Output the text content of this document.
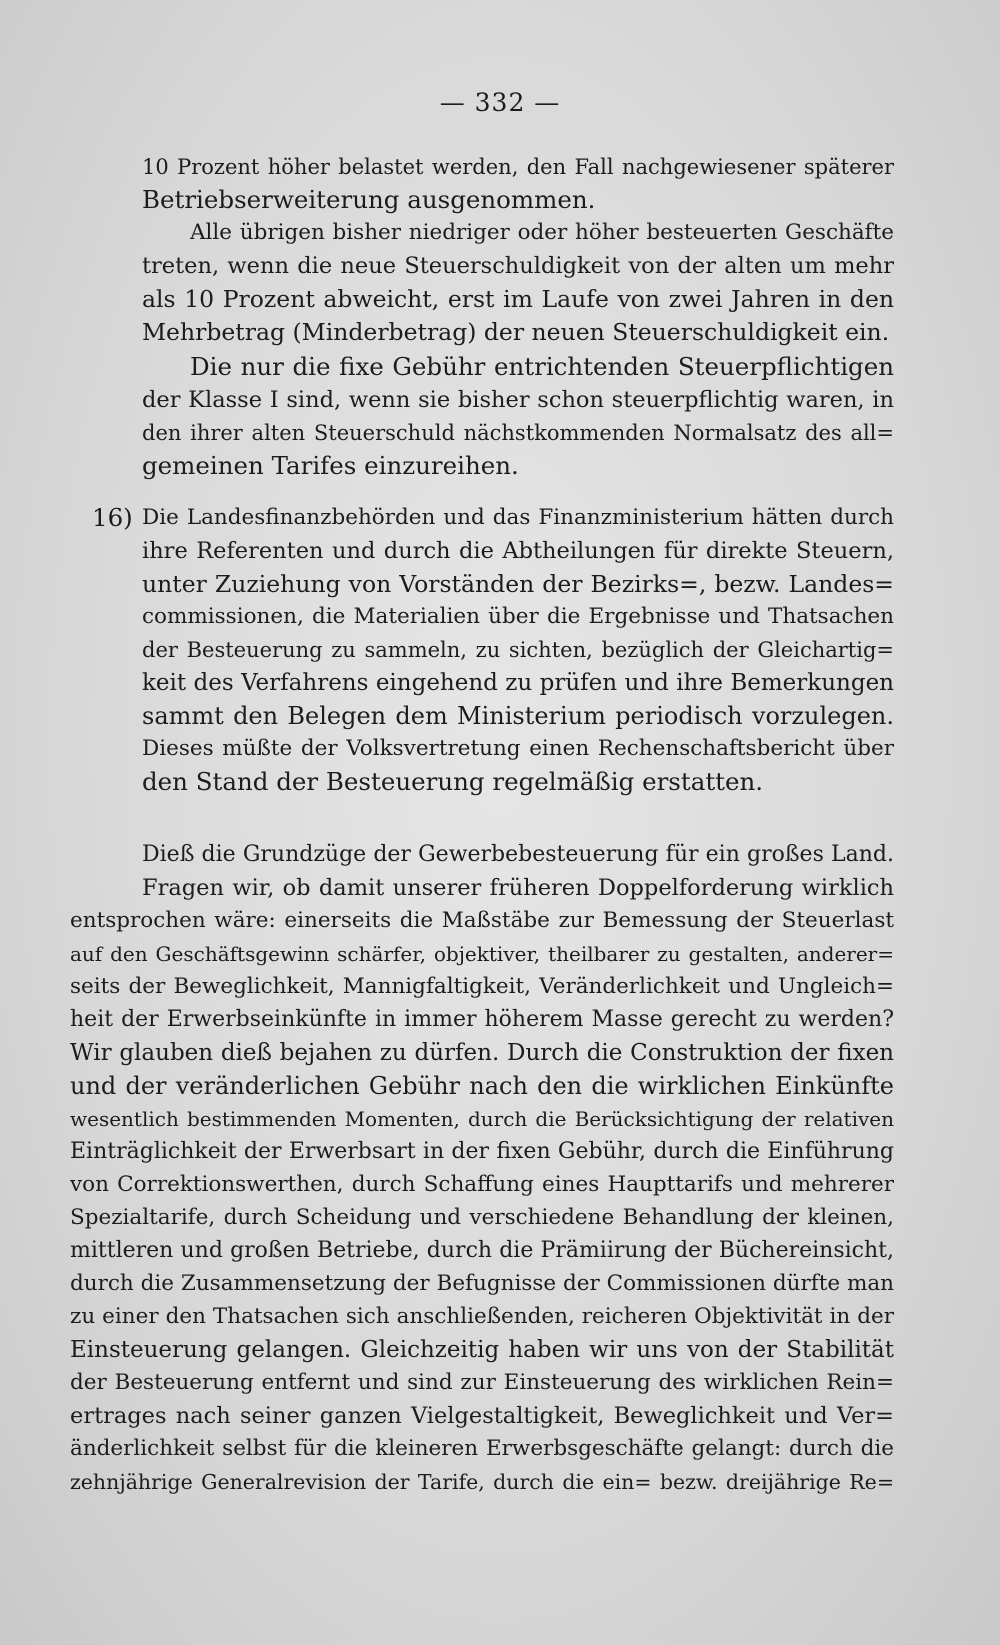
— 332 —
16)
10 Prozent höher belastet werden, den Fall nachgewiesener späterer
Betriebserweiterung ausgenommen.
Alle übrigen bisher niedriger oder höher besteuerten Geschäfte
treten, wenn die neue Steuerschuldigkeit von der alten um mehr
als 10 Prozent abweicht, erst im Laufe von zwei Jahren in den
Mehrbetrag (Minderbetrag) der neuen Steuerschuldigkeit ein.
Die nur die fixe Gebühr entrichtenden Steuerpflichtigen
der Klasse I sind, wenn sie bisher schon steuerpflichtig waren, in
den ihrer alten Steuerschuld nächstkommenden Normalsatz des all=
gemeinen Tarifes einzureihen.
Die Landesfinanzbehörden und das Finanzministerium hätten durch
ihre Referenten und durch die Abtheilungen für direkte Steuern,
unter Zuziehung von Vorständen der Bezirks=, bezw. Landes=
commissionen, die Materialien über die Ergebnisse und Thatsachen
der Besteuerung zu sammeln, zu sichten, bezüglich der Gleichartig=
keit des Verfahrens eingehend zu prüfen und ihre Bemerkungen
sammt den Belegen dem Ministerium periodisch vorzulegen.
Dieses müßte der Volksvertretung einen Rechenschaftsbericht über
den Stand der Besteuerung regelmäßig erstatten.
Dieß die Grundzüge der Gewerbebesteuerung für ein großes Land.
Fragen wir, ob damit unserer früheren Doppelforderung wirklich
entsprochen wäre: einerseits die Maßstäbe zur Bemessung der Steuerlast
auf den Geschäftsgewinn schärfer, objektiver, theilbarer zu gestalten, anderer=
seits der Beweglichkeit, Mannigfaltigkeit, Veränderlichkeit und Ungleich=
heit der Erwerbseinkünfte in immer höherem Masse gerecht zu werden?
Wir glauben dieß bejahen zu dürfen. Durch die Construktion der fixen
und der veränderlichen Gebühr nach den die wirklichen Einkünfte
wesentlich bestimmenden Momenten, durch die Berücksichtigung der relativen
Einträglichkeit der Erwerbsart in der fixen Gebühr, durch die Einführung
von Correktionswerthen, durch Schaffung eines Haupttarifs und mehrerer
Spezialtarife, durch Scheidung und verschiedene Behandlung der kleinen,
mittleren und großen Betriebe, durch die Prämiirung der Büchereinsicht,
durch die Zusammensetzung der Befugnisse der Commissionen dürfte man
zu einer den Thatsachen sich anschließenden, reicheren Objektivität in der
Einsteuerung gelangen. Gleichzeitig haben wir uns von der Stabilität
der Besteuerung entfernt und sind zur Einsteuerung des wirklichen Rein=
ertrages nach seiner ganzen Vielgestaltigkeit, Beweglichkeit und Ver=
änderlichkeit selbst für die kleineren Erwerbsgeschäfte gelangt: durch die
zehnjährige Generalrevision der Tarife, durch die ein= bezw. dreijährige Re=
